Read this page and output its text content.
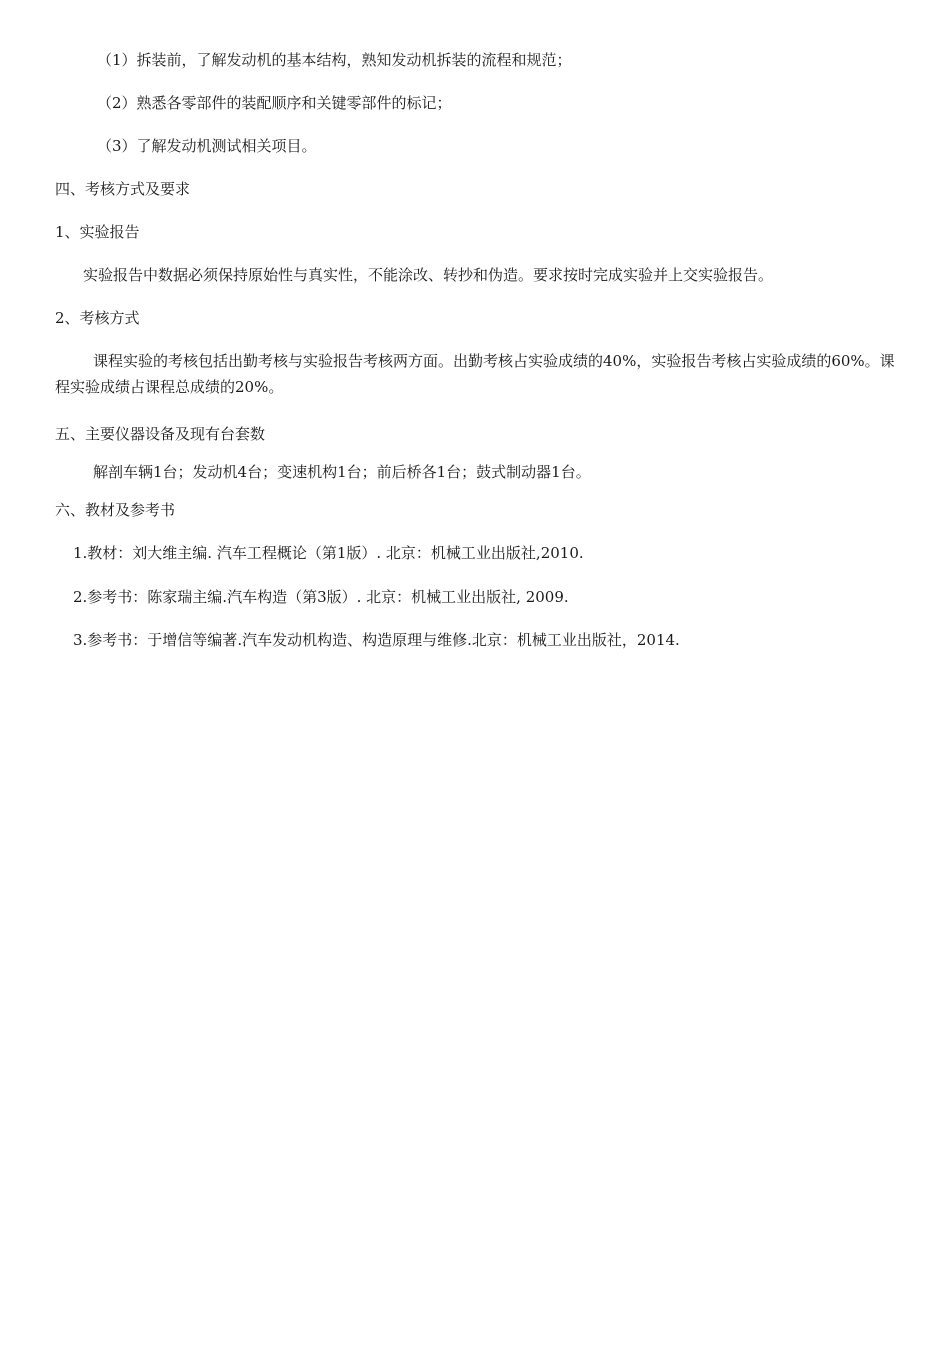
（1）拆装前，了解发动机的基本结构，熟知发动机拆装的流程和规范；
（2）熟悉各零部件的装配顺序和关键零部件的标记；
（3）了解发动机测试相关项目。
四、考核方式及要求
1、实验报告
实验报告中数据必须保持原始性与真实性，不能涂改、转抄和伪造。要求按时完成实验并上交实验报告。
2、考核方式
课程实验的考核包括出勤考核与实验报告考核两方面。出勤考核占实验成绩的40%，实验报告考核占实验成绩的60%。课程实验成绩占课程总成绩的20%。
五、主要仪器设备及现有台套数
解剖车辆1台；发动机4台；变速机构1台；前后桥各1台；鼓式制动器1台。
六、教材及参考书
1.教材：刘大维主编. 汽车工程概论（第1版）. 北京：机械工业出版社,2010.
2.参考书：陈家瑞主编.汽车构造（第3版）. 北京：机械工业出版社, 2009.
3.参考书：于增信等编著.汽车发动机构造、构造原理与维修.北京：机械工业出版社，2014.
